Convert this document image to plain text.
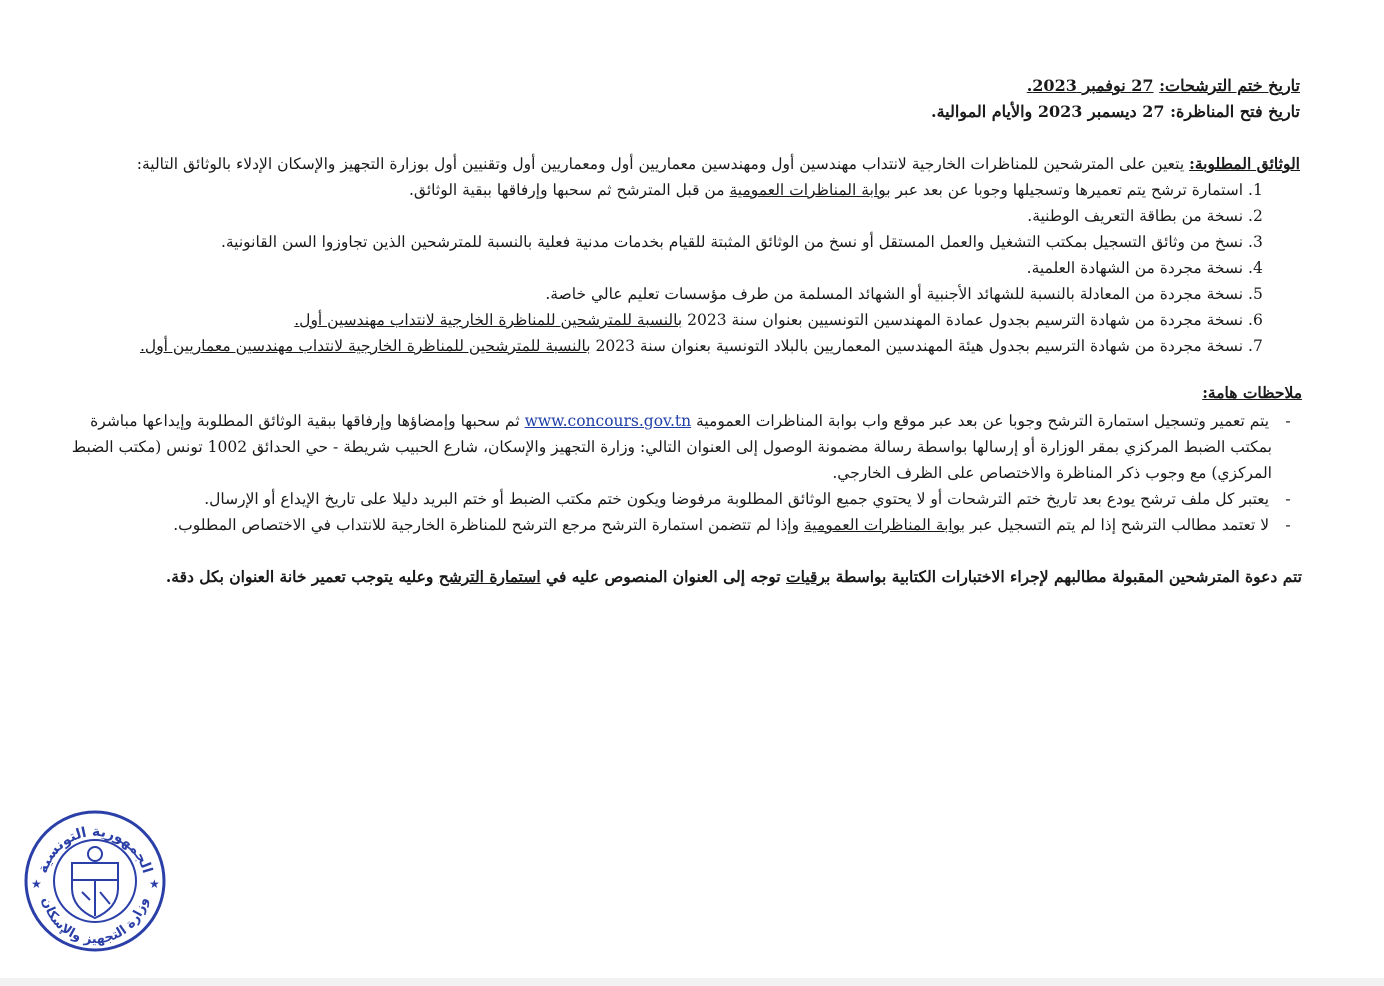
تاريخ ختم الترشحات: 27 نوفمبر 2023.
تاريخ فتح المناظرة: 27 ديسمبر 2023 والأيام الموالية.
الوثائق المطلوبة: يتعين على المترشحين للمناظرات الخارجية لانتداب مهندسين أول ومهندسين معماريين أول ومعماريين أول وتقنيين أول بوزارة التجهيز والإسكان الإدلاء بالوثائق التالية:
1. استمارة ترشح يتم تعميرها وتسجيلها وجوبا عن بعد عبر بوابة المناظرات العمومية من قبل المترشح ثم سحبها وإرفاقها ببقية الوثائق.
2. نسخة من بطاقة التعريف الوطنية.
3. نسخ من وثائق التسجيل بمكتب التشغيل والعمل المستقل أو نسخ من الوثائق المثبتة للقيام بخدمات مدنية فعلية بالنسبة للمترشحين الذين تجاوزوا السن القانونية.
4. نسخة مجردة من الشهادة العلمية.
5. نسخة مجردة من المعادلة بالنسبة للشهائد الأجنبية أو الشهائد المسلمة من طرف مؤسسات تعليم عالي خاصة.
6. نسخة مجردة من شهادة الترسيم بجدول عمادة المهندسين التونسيين بعنوان سنة 2023 بالنسبة للمترشحين للمناظرة الخارجية لانتداب مهندسين أول.
7. نسخة مجردة من شهادة الترسيم بجدول هيئة المهندسين المعماريين بالبلاد التونسية بعنوان سنة 2023 بالنسبة للمترشحين للمناظرة الخارجية لانتداب مهندسين معماريين أول.
ملاحظات هامة:
- يتم تعمير وتسجيل استمارة الترشح وجوبا عن بعد عبر موقع واب بوابة المناظرات العمومية www.concours.gov.tn ثم سحبها وإمضاؤها وإرفاقها ببقية الوثائق المطلوبة وإيداعها مباشرة
بمكتب الضبط المركزي بمقر الوزارة أو إرسالها بواسطة رسالة مضمونة الوصول إلى العنوان التالي: وزارة التجهيز والإسكان، شارع الحبيب شريطة - حي الحدائق 1002 تونس (مكتب الضبط
المركزي) مع وجوب ذكر المناظرة والاختصاص على الظرف الخارجي.
- يعتبر كل ملف ترشح يودع بعد تاريخ ختم الترشحات أو لا يحتوي جميع الوثائق المطلوبة مرفوضا ويكون ختم مكتب الضبط أو ختم البريد دليلا على تاريخ الإيداع أو الإرسال.
- لا تعتمد مطالب الترشح إذا لم يتم التسجيل عبر بوابة المناظرات العمومية وإذا لم تتضمن استمارة الترشح مرجع الترشح للمناظرة الخارجية للانتداب في الاختصاص المطلوب.
تتم دعوة المترشحين المقبولة مطالبهم لإجراء الاختبارات الكتابية بواسطة برقيات توجه إلى العنوان المنصوص عليه في استمارة الترشح وعليه يتوجب تعمير خانة العنوان بكل دقة.
الجمهورية التونسية
وزارة التجهيز والإسكان
★	★
